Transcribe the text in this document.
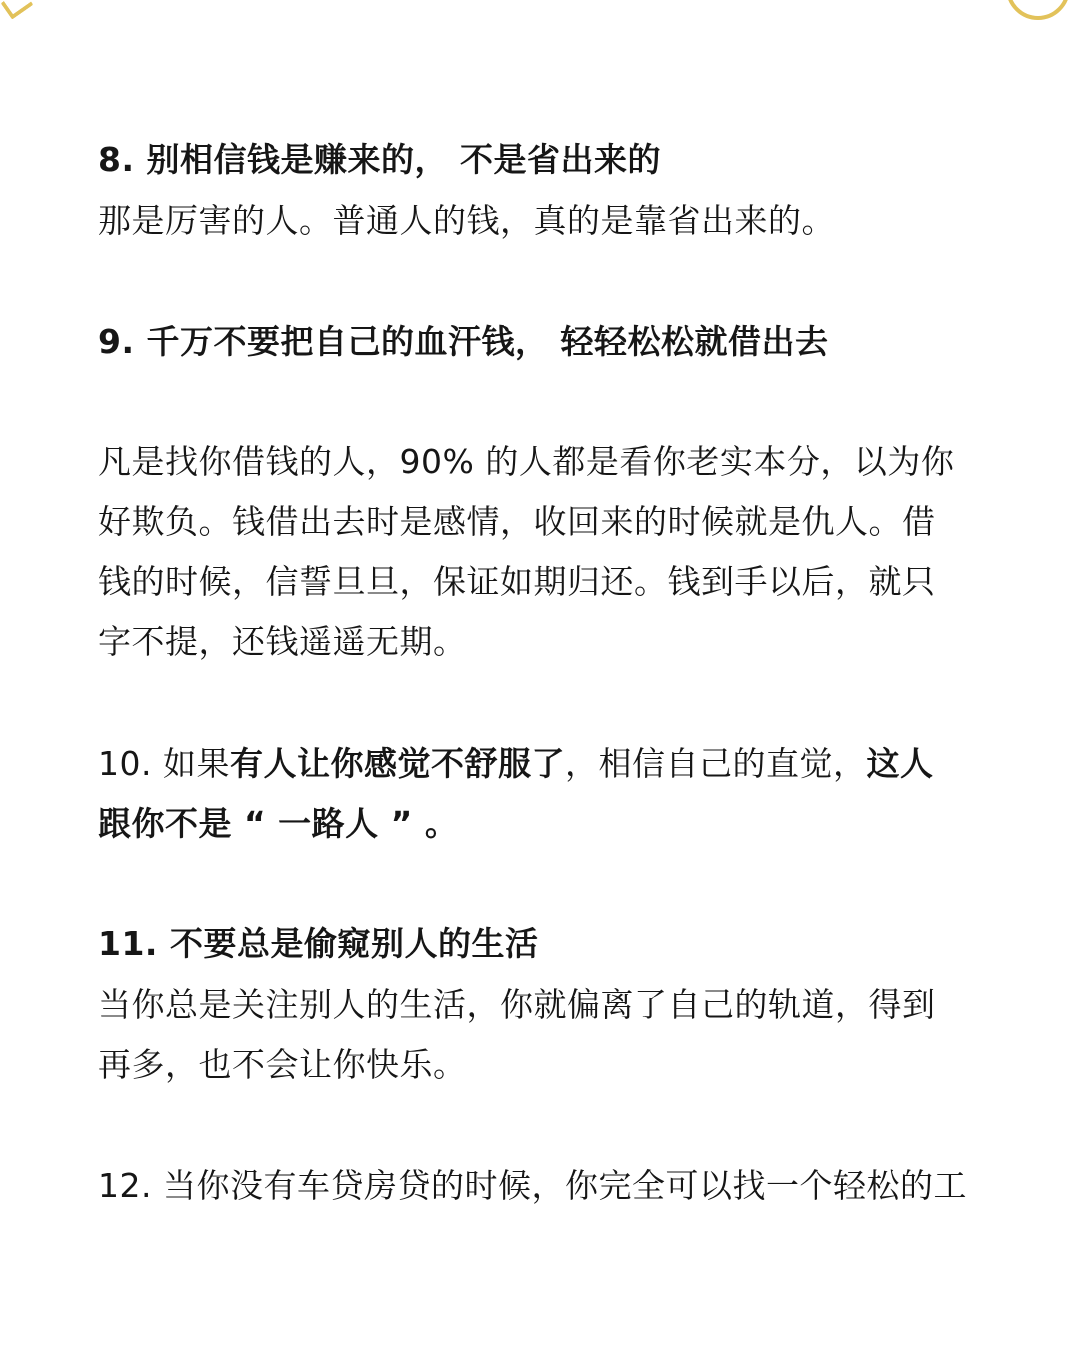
8. 别相信钱是赚来的， 不是省出来的
那是厉害的人。普通人的钱，真的是靠省出来的。
9. 千万不要把自己的血汗钱， 轻轻松松就借出去
凡是找你借钱的人，90% 的人都是看你老实本分，以为你
好欺负。钱借出去时是感情，收回来的时候就是仇人。借
钱的时候，信誓旦旦，保证如期归还。钱到手以后，就只
字不提，还钱遥遥无期。
10. 如果有人让你感觉不舒服了，相信自己的直觉，这人
跟你不是 “ 一路人 ” 。
11. 不要总是偷窥别人的生活
当你总是关注别人的生活，你就偏离了自己的轨道，得到
再多，也不会让你快乐。
12. 当你没有车贷房贷的时候，你完全可以找一个轻松的工
